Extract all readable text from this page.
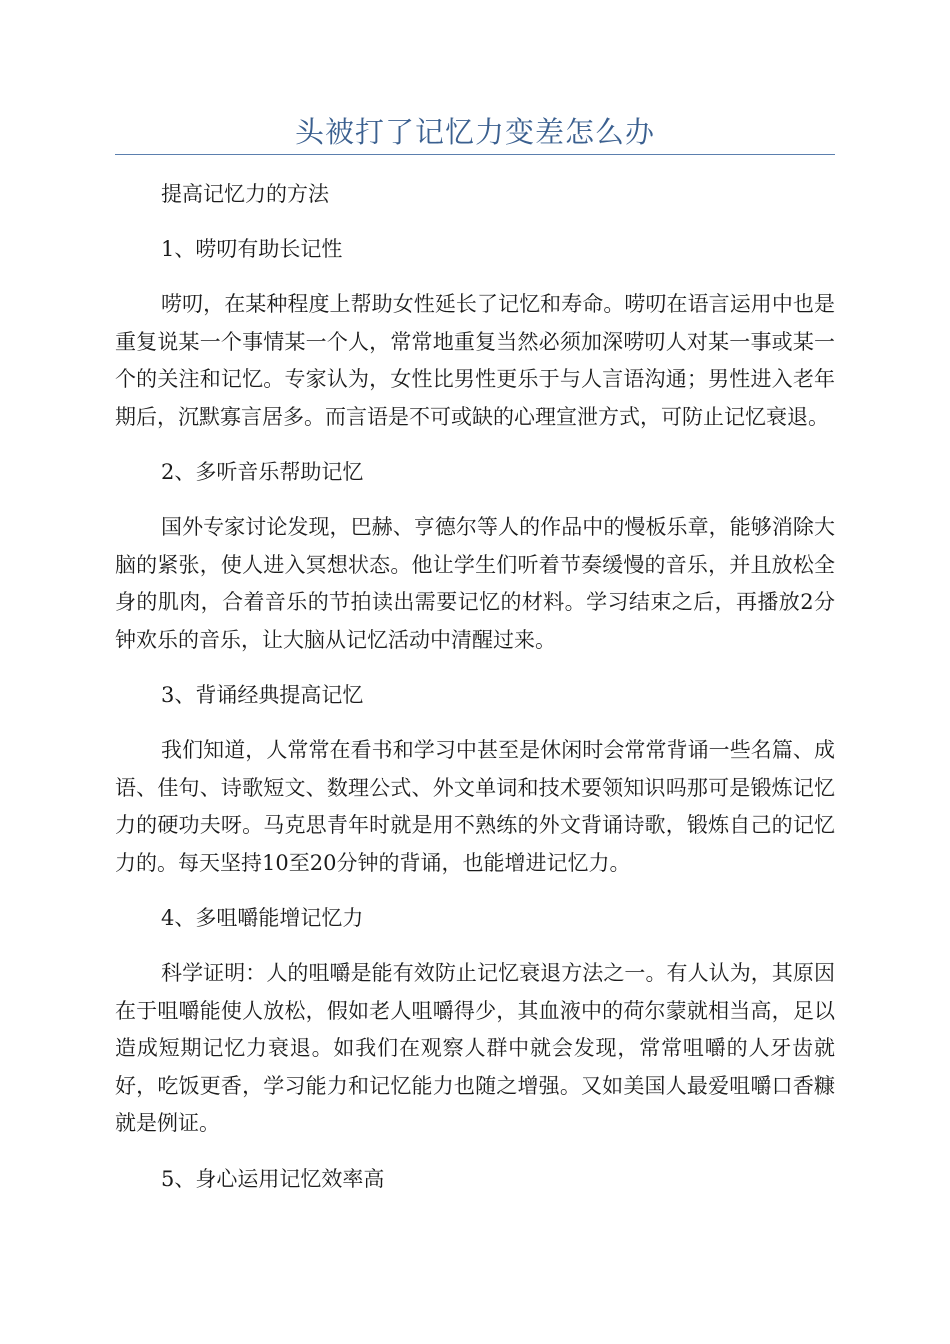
头被打了记忆力变差怎么办

提高记忆力的方法

1、唠叨有助长记性

唠叨，在某种程度上帮助女性延长了记忆和寿命。唠叨在语言运用中也是重复说某一个事情某一个人，常常地重复当然必须加深唠叨人对某一事或某一个的关注和记忆。专家认为，女性比男性更乐于与人言语沟通；男性进入老年期后，沉默寡言居多。而言语是不可或缺的心理宣泄方式，可防止记忆衰退。

2、多听音乐帮助记忆

国外专家讨论发现，巴赫、亨德尔等人的作品中的慢板乐章，能够消除大脑的紧张，使人进入冥想状态。他让学生们听着节奏缓慢的音乐，并且放松全身的肌肉，合着音乐的节拍读出需要记忆的材料。学习结束之后，再播放2分钟欢乐的音乐，让大脑从记忆活动中清醒过来。

3、背诵经典提高记忆

我们知道，人常常在看书和学习中甚至是休闲时会常常背诵一些名篇、成语、佳句、诗歌短文、数理公式、外文单词和技术要领知识吗那可是锻炼记忆力的硬功夫呀。马克思青年时就是用不熟练的外文背诵诗歌，锻炼自己的记忆力的。每天坚持10至20分钟的背诵，也能增进记忆力。

4、多咀嚼能增记忆力

科学证明：人的咀嚼是能有效防止记忆衰退方法之一。有人认为，其原因在于咀嚼能使人放松，假如老人咀嚼得少，其血液中的荷尔蒙就相当高，足以造成短期记忆力衰退。如我们在观察人群中就会发现，常常咀嚼的人牙齿就好，吃饭更香，学习能力和记忆能力也随之增强。又如美国人最爱咀嚼口香糠就是例证。

5、身心运用记忆效率高
